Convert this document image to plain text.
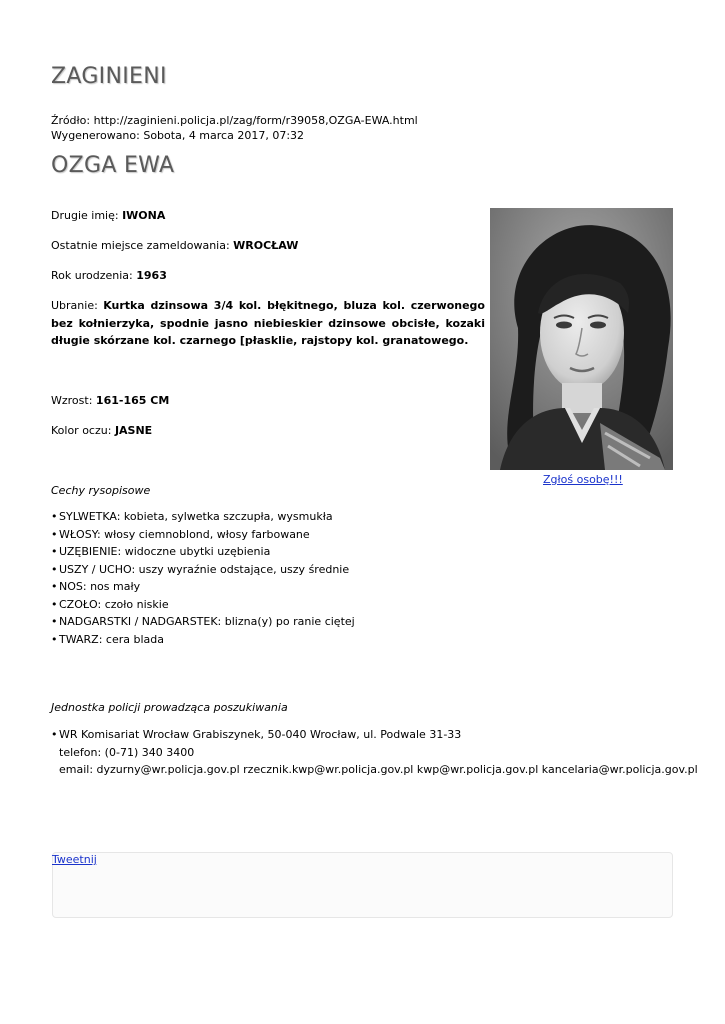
ZAGINIENI
Źródło: http://zaginieni.policja.pl/zag/form/r39058,OZGA-EWA.html
Wygenerowano: Sobota, 4 marca 2017, 07:32
OZGA EWA
Drugie imię: IWONA
Ostatnie miejsce zameldowania: WROCŁAW
Rok urodzenia: 1963
Ubranie: Kurtka dzinsowa 3/4 kol. błękitnego, bluza kol. czerwonego bez kołnierzyka, spodnie jasno niebieskier dzinsowe obcisłe, kozaki długie skórzane kol. czarnego [płasklie, rajstopy kol. granatowego.
Wzrost: 161-165 CM
Kolor oczu: JASNE
Zgłoś osobę!!!
Cechy rysopisowe
• SYLWETKA: kobieta, sylwetka szczupła, wysmukła
• WŁOSY: włosy ciemnoblond, włosy farbowane
• UZĘBIENIE: widoczne ubytki uzębienia
• USZY / UCHO: uszy wyraźnie odstające, uszy średnie
• NOS: nos mały
• CZOŁO: czoło niskie
• NADGARSTKI / NADGARSTEK: blizna(y) po ranie ciętej
• TWARZ: cera blada
Jednostka policji prowadząca poszukiwania
• WR Komisariat Wrocław Grabiszynek, 50-040 Wrocław, ul. Podwale 31-33
telefon: (0-71) 340 3400
email: dyzurny@wr.policja.gov.pl rzecznik.kwp@wr.policja.gov.pl kwp@wr.policja.gov.pl kancelaria@wr.policja.gov.pl
Tweetnij
